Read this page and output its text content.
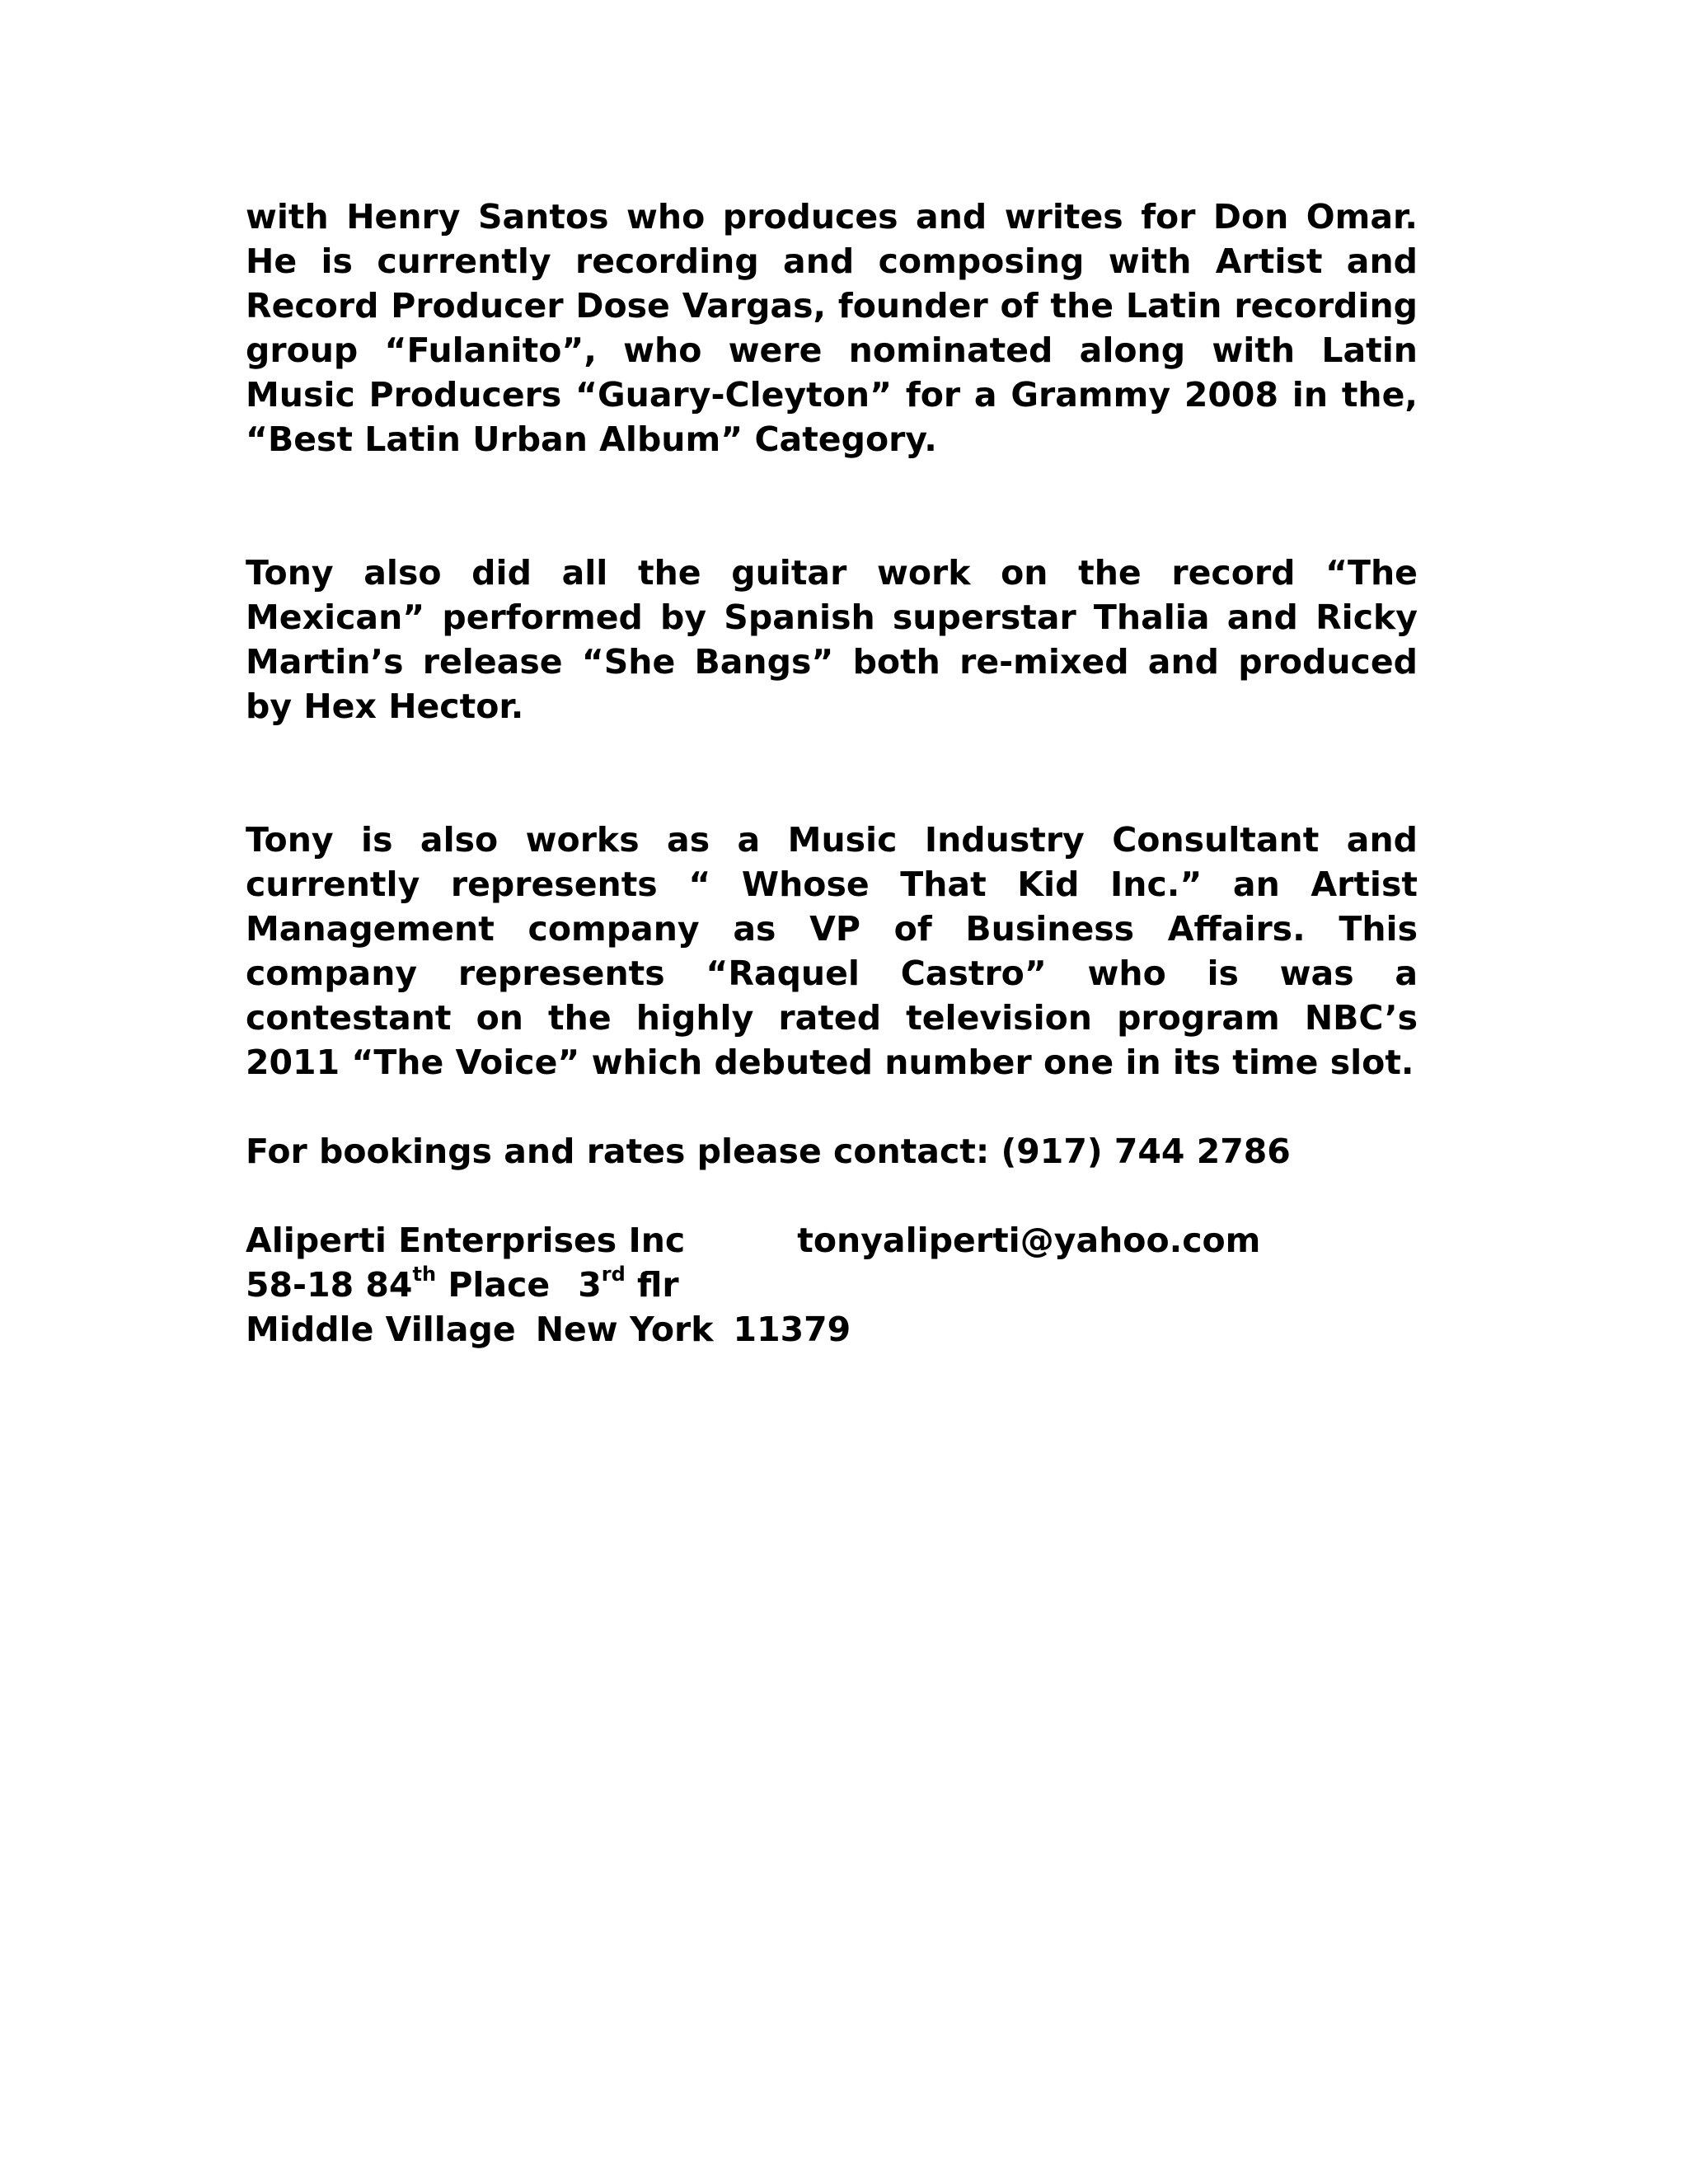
with Henry Santos who produces and writes for Don Omar. He is currently recording and composing with Artist and Record Producer Dose Vargas, founder of the Latin recording group “Fulanito”, who were nominated along with Latin Music Producers “Guary-Cleyton” for a Grammy 2008 in the, “Best Latin Urban Album” Category.

Tony also did all the guitar work on the record “The Mexican” performed by Spanish superstar Thalia and Ricky Martin’s release “She Bangs” both re-mixed and produced by Hex Hector.

Tony is also works as a Music Industry Consultant and currently represents “ Whose That Kid Inc.” an Artist Management company as VP of Business Affairs. This company represents “Raquel Castro” who is was a contestant on the highly rated television program NBC’s 2011 “The Voice” which debuted number one in its time slot.

For bookings and rates please contact: (917) 744 2786

Aliperti Enterprises Inc	tonyaliperti@yahoo.com

58-18 84th Place 3rd flr

Middle Village New York 11379
